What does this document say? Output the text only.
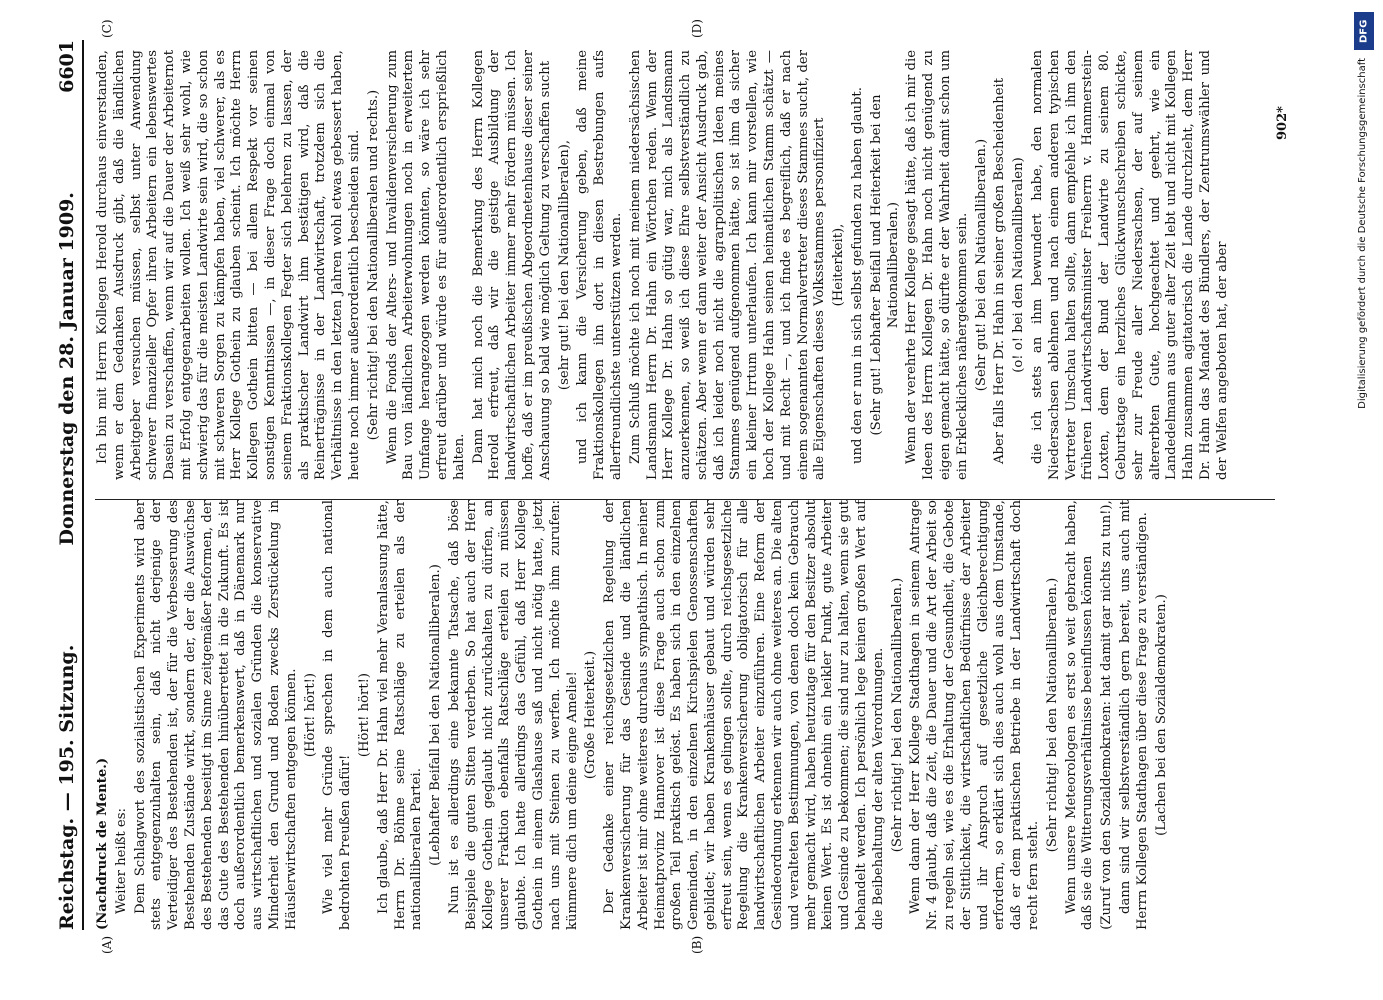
Reichstag. — 195. Sitzung.
Donnerstag den 28. Januar 1909.
6601

(Nachdruck de Mente.) Weiter heißt es: Dem Schlagwort des sozialistischen Experiments wird aber stets entgegenzuhalten sein, daß nicht derjenige der Verteidiger des Bestehenden ist, der für die Verbesserung des Bestehenden Zustände wirkt, sondern der, der die Auswüchse des Bestehenden beseitigt im Sinne zeitgemäßer Reformen, der das Gute des Bestehenden hinüberrettet in die Zukunft. Es ist doch außerordentlich bemerkenswert, daß in Dänemark nur aus wirtschaftlichen und sozialen Gründen die konservative Minderheit den Grund und Boden zwecks Zerstückelung in Häuslerwirtschaften entgegen können. (Hört! hört!) Wie viel mehr Gründe sprechen in dem auch national bedrohten Preußen dafür!

(Hört! hört!) Ich glaube, daß Herr Dr. Hahn viel mehr Veranlassung hätte, Herrn Dr. Böhme seine Ratschläge zu erteilen als der nationalliberalen Partei. (Lebhafter Beifall bei den Nationalliberalen.) Nun ist es allerdings eine bekannte Tatsache, daß böse Beispiele die guten Sitten verderben. So hat auch der Herr Kollege Gothein geglaubt nicht zurückhalten zu dürfen, an unserer Fraktion ebenfalls Ratschläge erteilen zu müssen glaubte. Ich hatte allerdings das Gefühl, daß Herr Kollege Gothein in einem Glashause saß und nicht nötig hatte, jetzt nach uns mit Steinen zu werfen. Ich möchte ihm zurufen: kümmere dich um deine eigne Amelie! (Große Heiterkeit.) Der Gedanke einer reichsgesetzlichen Regelung der Krankenversicherung für das Gesinde und die ländlichen Arbeiter ist mir ohne weiteres durchaus sympathisch. In meiner Heimatprovinz Hannover ist diese Frage auch schon zum großen Teil praktisch gelöst. Es haben sich in den einzelnen Gemeinden, in den einzelnen Kirchspielen Genossenschaften gebildet; wir haben Krankenhäuser gebaut und würden sehr erfreut sein, wenn es gelingen sollte, durch reichsgesetzliche Regelung die Krankenversicherung obligatorisch für alle landwirtschaftlichen Arbeiter einzuführen. Eine Reform der Gesindeordnung erkennen wir auch ohne weiteres an. Die alten und veralteten Bestimmungen, von denen doch kein Gebrauch mehr gemacht wird, haben heutzutage für den Besitzer absolut keinen Wert. Es ist ohnehin ein heikler Punkt, gute Arbeiter und Gesinde zu bekommen; die sind nur zu halten, wenn sie gut behandelt werden. Ich persönlich lege keinen großen Wert auf die Beibehaltung der alten Verordnungen. (Sehr richtig! bei den Nationalliberalen.) Wenn dann der Herr Kollege Stadthagen in seinem Antrage Nr. 4 glaubt, daß die Zeit, die Dauer und die Art der Arbeit so zu regeln sei, wie es die Erhaltung der Gesundheit, die Gebote der Sittlichkeit, die wirtschaftlichen Bedürfnisse der Arbeiter und ihr Anspruch auf gesetzliche Gleichberechtigung erfordern, so erklärt sich dies auch wohl aus dem Umstande, daß er dem praktischen Betriebe in der Landwirtschaft doch recht fern steht.

(Sehr richtig! bei den Nationalliberalen.) Wenn unsere Meteorologen es erst so weit gebracht haben, daß sie die Witterungsverhältnisse beeinflussen können (Zuruf von den Sozialdemokraten: hat damit gar nichts zu tun!), dann sind wir selbstverständlich gern bereit, uns auch mit Herrn Kollegen Stadthagen über diese Frage zu verständigen. (Lachen bei den Sozialdemokraten.)

Ich bin mit Herrn Kollegen Herold durchaus einverstanden, wenn er dem Gedanken Ausdruck gibt, daß die ländlichen Arbeitgeber versuchen müssen, selbst unter Anwendung schwerer finanzieller Opfer ihren Arbeitern ein lebenswertes Dasein zu verschaffen, wenn wir auf die Dauer der Arbeiternot mit Erfolg entgegenarbeiten wollen. Ich weiß sehr wohl, wie schwierig das für die meisten Landwirte sein wird, die so schon mit schweren Sorgen zu kämpfen haben, viel schwerer, als es Herr Kollege Gothein zu glauben scheint. Ich möchte Herrn Kollegen Gothein bitten — bei allem Respekt vor seinen sonstigen Kenntnissen —, in dieser Frage doch einmal von seinem Fraktionskollegen Fegter sich belehren zu lassen, der als praktischer Landwirt ihm bestätigen wird, daß die Reinerträgnisse in der Landwirtschaft, trotzdem sich die Verhältnisse in den letzten Jahren wohl etwas gebessert haben, heute noch immer außerordentlich bescheiden sind. (Sehr richtig! bei den Nationalliberalen und rechts.) Wenn die Fonds der Alters- und Invalidenversicherung zum Bau von ländlichen Arbeiterwohnungen noch in erweitertem Umfange herangezogen werden könnten, so wäre ich sehr erfreut darüber und würde es für außerordentlich ersprießlich halten. Dann hat mich noch die Bemerkung des Herrn Kollegen Herold erfreut, daß wir die geistige Ausbildung der landwirtschaftlichen Arbeiter immer mehr fördern müssen. Ich hoffe, daß er im preußischen Abgeordnetenhause dieser seiner Anschauung so bald wie möglich Geltung zu verschaffen sucht (sehr gut! bei den Nationalliberalen), und ich kann die Versicherung geben, daß meine Fraktionskollegen ihn dort in diesen Bestrebungen aufs allerfreundlichste unterstützen werden. Zum Schluß möchte ich noch mit meinem niedersächsischen Landsmann Herrn Dr. Hahn ein Wörtchen reden. Wenn der Herr Kollege Dr. Hahn so gütig war, mich als Landsmann anzuerkennen, so weiß ich diese Ehre selbstverständlich zu schätzen. Aber wenn er dann weiter der Ansicht Ausdruck gab, daß ich leider noch nicht die agrarpolitischen Ideen meines Stammes genügend aufgenommen hätte, so ist ihm da sicher ein kleiner Irrtum unterlaufen. Ich kann mir vorstellen, wie hoch der Kollege Hahn seinen heimatlichen Stamm schätzt — und mit Recht —, und ich finde es begreiflich, daß er nach einem sogenannten Normalvertreter dieses Stammes sucht, der alle Eigenschaften dieses Volksstammes personifiziert (Heiterkeit), und den er nun in sich selbst gefunden zu haben glaubt. (Sehr gut! Lebhafter Beifall und Heiterkeit bei den Nationalliberalen.) Wenn der verehrte Herr Kollege gesagt hätte, daß ich mir die Ideen des Herrn Kollegen Dr. Hahn noch nicht genügend zu eigen gemacht hätte, so dürfte er der Wahrheit damit schon um ein Erkleckliches nähergekommen sein. (Sehr gut! bei den Nationalliberalen.) Aber falls Herr Dr. Hahn in seiner großen Bescheidenheit (o! o! bei den Nationalliberalen) die ich stets an ihm bewundert habe, den normalen Niedersachsen ablehnen und nach einem anderen typischen Vertreter Umschau halten sollte, dann empfehle ich ihm den früheren Landwirtschaftsminister Freiherrn v. Hammerstein-Loxten, dem der Bund der Landwirte zu seinem 80. Geburtstage ein herzliches Glückwunschschreiben schickte, sehr zur Freude aller Niedersachsen, der auf seinem altererbten Gute, hochgeachtet und geehrt, wie ein Landedelmann aus guter alter Zeit lebt und nicht mit Kollegen Hahn zusammen agitatorisch die Lande durchzieht, dem Herr Dr. Hahn das Mandat des Bündlers, der Zentrumswähler und der Welfen angeboten hat, der aber

(A)	(B)
(C)	(D)
902*
DFG
Digitalisierung gefördert durch die Deutsche Forschungsgemeinschaft
